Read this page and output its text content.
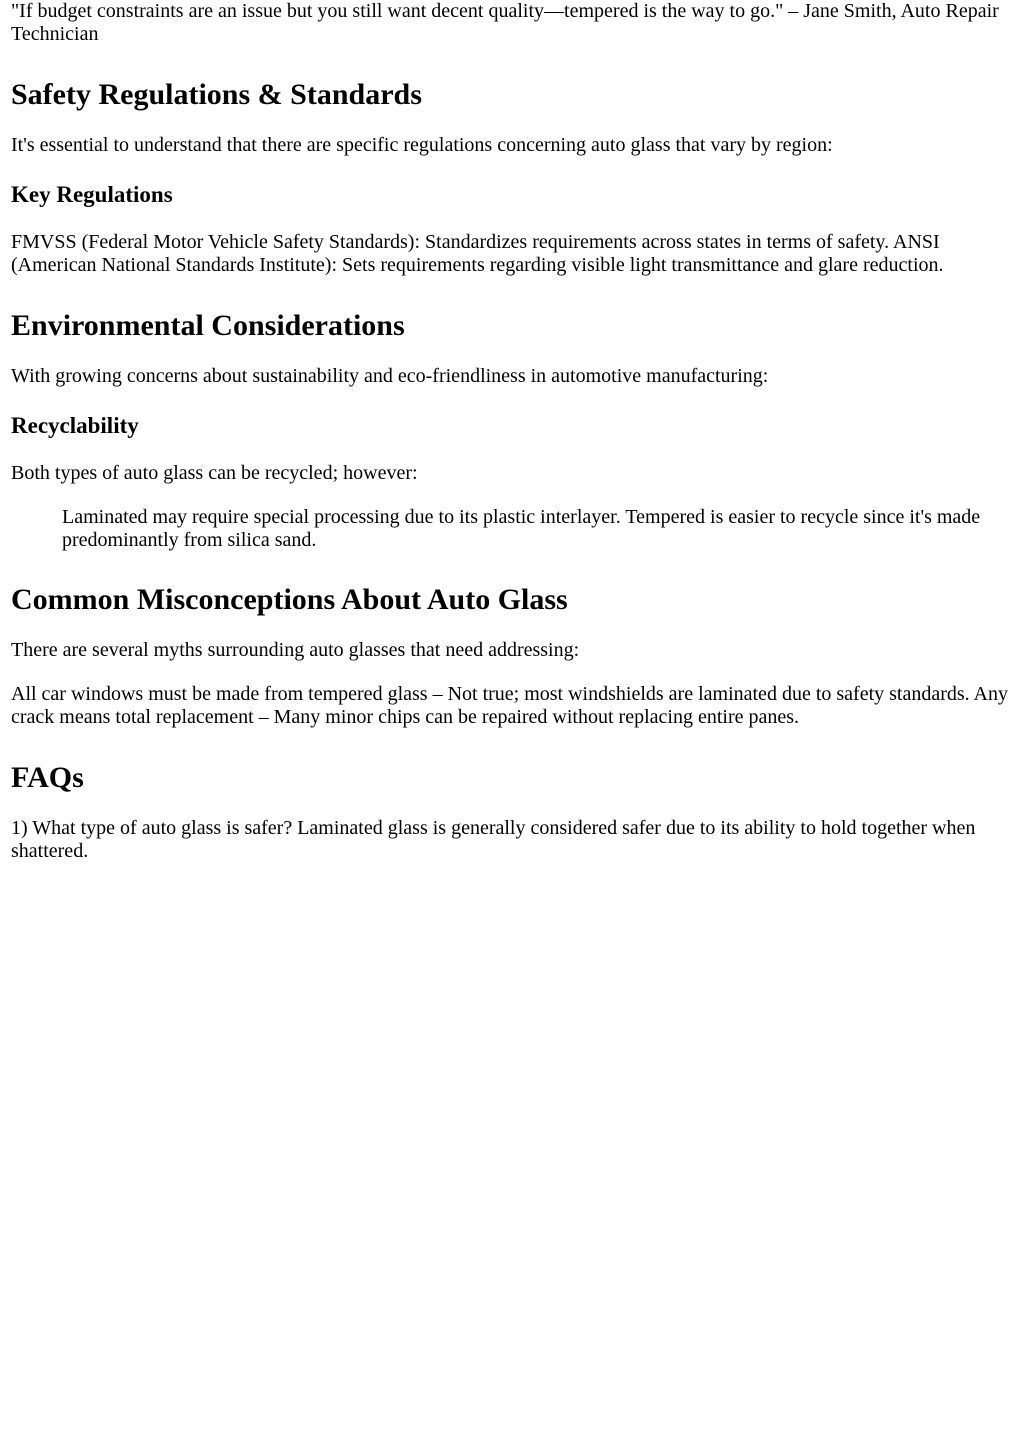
"If budget constraints are an issue but you still want decent quality—tempered is the way to go." – Jane Smith, Auto Repair Technician

Safety Regulations & Standards

It's essential to understand that there are specific regulations concerning auto glass that vary by region:

Key Regulations

FMVSS (Federal Motor Vehicle Safety Standards): Standardizes requirements across states in terms of safety. ANSI (American National Standards Institute): Sets requirements regarding visible light transmittance and glare reduction.

Environmental Considerations

With growing concerns about sustainability and eco-friendliness in automotive manufacturing:

Recyclability

Both types of auto glass can be recycled; however:

Laminated may require special processing due to its plastic interlayer. Tempered is easier to recycle since it's made predominantly from silica sand.
Common Misconceptions About Auto Glass

There are several myths surrounding auto glasses that need addressing:

All car windows must be made from tempered glass – Not true; most windshields are laminated due to safety standards. Any crack means total replacement – Many minor chips can be repaired without replacing entire panes.

FAQs

1) What type of auto glass is safer? Laminated glass is generally considered safer due to its ability to hold together when shattered.
